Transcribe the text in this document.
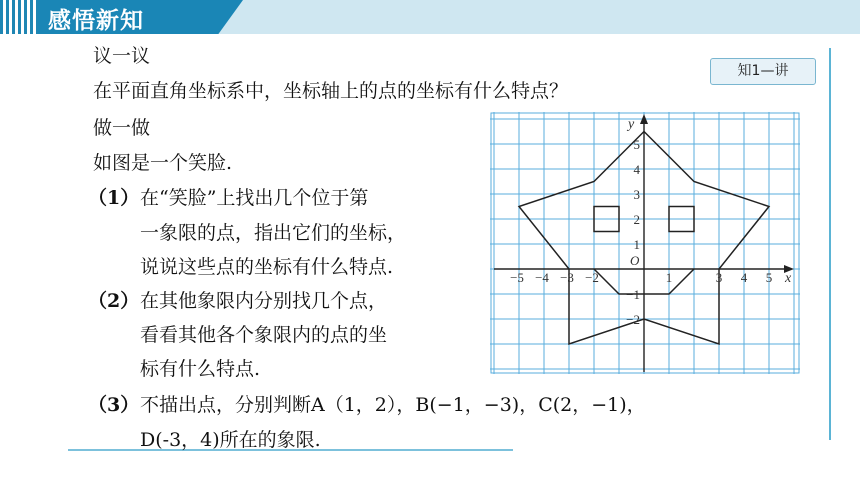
感悟新知
知1—讲
议一议
在平面直角坐标系中，坐标轴上的点的坐标有什么特点？
做一做
如图是一个笑脸.
（1） 在“笑脸”上找出几个位于第
一象限的点，指出它们的坐标，
说说这些点的坐标有什么特点.
（2） 在其他象限内分别找几个点，
看看其他各个象限内的点的坐
标有什么特点.
（3） 不描出点，分别判断A（1，2），B(−1，−3)，C(2，−1)，
D(-3，4)所在的象限.
−5 −4 −3 −2	1	3 4 5
5
4
3
2
1
−1
−2
O
x
y
